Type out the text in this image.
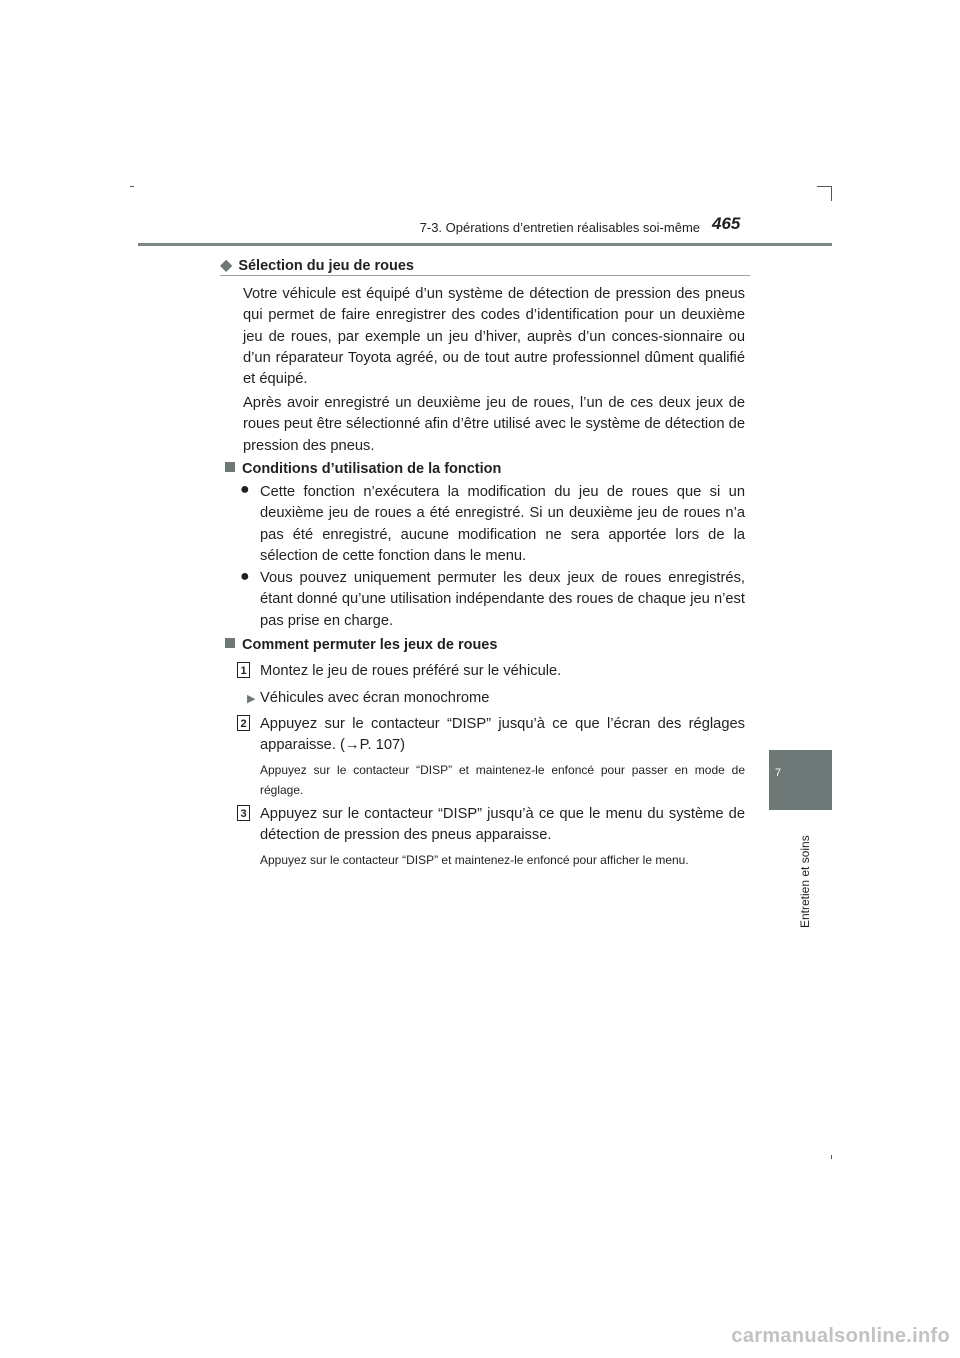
7-3. Opérations d’entretien réalisables soi-même 465
7
Entretien et soins
◆ Sélection du jeu de roues

Votre véhicule est équipé d’un système de détection de pression des pneus qui permet de faire enregistrer des codes d’identification pour un deuxième jeu de roues, par exemple un jeu d’hiver, auprès d’un conces-sionnaire ou d’un réparateur Toyota agréé, ou de tout autre professionnel dûment qualifié et équipé.

Après avoir enregistré un deuxième jeu de roues, l’un de ces deux jeux de roues peut être sélectionné afin d’être utilisé avec le système de détection de pression des pneus.

Conditions d’utilisation de la fonction
● Cette fonction n’exécutera la modification du jeu de roues que si un deuxième jeu de roues a été enregistré. Si un deuxième jeu de roues n’a pas été enregistré, aucune modification ne sera apportée lors de la sélection de cette fonction dans le menu.

● Vous pouvez uniquement permuter les deux jeux de roues enregistrés, étant donné qu’une utilisation indépendante des roues de chaque jeu n’est pas prise en charge.

Comment permuter les jeux de roues
1 Montez le jeu de roues préféré sur le véhicule.

▶ Véhicules avec écran monochrome

2 Appuyez sur le contacteur “DISP” jusqu’à ce que l’écran des réglages apparaisse. (→P. 107)

Appuyez sur le contacteur “DISP” et maintenez-le enfoncé pour passer en mode de réglage.

3 Appuyez sur le contacteur “DISP” jusqu’à ce que le menu du système de détection de pression des pneus apparaisse.

Appuyez sur le contacteur “DISP” et maintenez-le enfoncé pour afficher le menu.

carmanualsonline.info
